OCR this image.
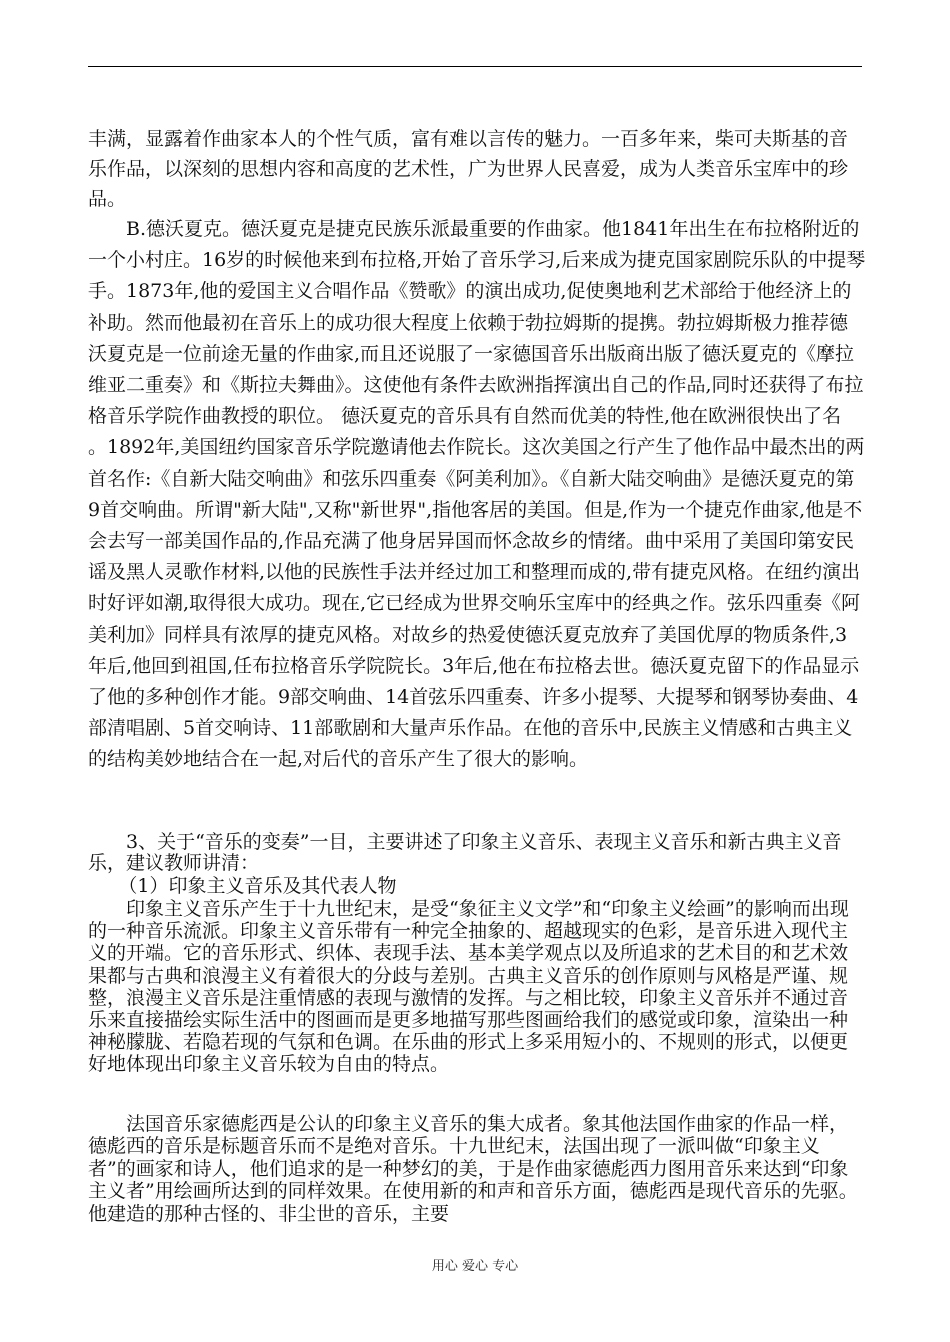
丰满，显露着作曲家本人的个性气质，富有难以言传的魅力。一百多年来，柴可夫斯基的音乐作品，以深刻的思想内容和高度的艺术性，广为世界人民喜爱，成为人类音乐宝库中的珍品。

B.德沃夏克。德沃夏克是捷克民族乐派最重要的作曲家。他1841年出生在布拉格附近的一个小村庄。16岁的时候他来到布拉格,开始了音乐学习,后来成为捷克国家剧院乐队的中提琴手。1873年,他的爱国主义合唱作品《赞歌》的演出成功,促使奥地利艺术部给于他经济上的补助。然而他最初在音乐上的成功很大程度上依赖于勃拉姆斯的提携。勃拉姆斯极力推荐德沃夏克是一位前途无量的作曲家,而且还说服了一家德国音乐出版商出版了德沃夏克的《摩拉维亚二重奏》和《斯拉夫舞曲》。这使他有条件去欧洲指挥演出自己的作品,同时还获得了布拉格音乐学院作曲教授的职位。 德沃夏克的音乐具有自然而优美的特性,他在欧洲很快出了名 。1892年,美国纽约国家音乐学院邀请他去作院长。这次美国之行产生了他作品中最杰出的两首名作:《自新大陆交响曲》和弦乐四重奏《阿美利加》。《自新大陆交响曲》是德沃夏克的第9首交响曲。所谓"新大陆",又称"新世界",指他客居的美国。但是,作为一个捷克作曲家,他是不会去写一部美国作品的,作品充满了他身居异国而怀念故乡的情绪。曲中采用了美国印第安民谣及黑人灵歌作材料,以他的民族性手法并经过加工和整理而成的,带有捷克风格。在纽约演出时好评如潮,取得很大成功。现在,它已经成为世界交响乐宝库中的经典之作。弦乐四重奏《阿美利加》同样具有浓厚的捷克风格。对故乡的热爱使德沃夏克放弃了美国优厚的物质条件,3年后,他回到祖国,任布拉格音乐学院院长。3年后,他在布拉格去世。德沃夏克留下的作品显示了他的多种创作才能。9部交响曲、14首弦乐四重奏、许多小提琴、大提琴和钢琴协奏曲、4部清唱剧、5首交响诗、11部歌剧和大量声乐作品。在他的音乐中,民族主义情感和古典主义的结构美妙地结合在一起,对后代的音乐产生了很大的影响。

3、关于“音乐的变奏”一目，主要讲述了印象主义音乐、表现主义音乐和新古典主义音乐，建议教师讲清：

（1）印象主义音乐及其代表人物

印象主义音乐产生于十九世纪末，是受“象征主义文学”和“印象主义绘画”的影响而出现的一种音乐流派。印象主义音乐带有一种完全抽象的、超越现实的色彩，是音乐进入现代主义的开端。它的音乐形式、织体、表现手法、基本美学观点以及所追求的艺术目的和艺术效果都与古典和浪漫主义有着很大的分歧与差别。古典主义音乐的创作原则与风格是严谨、规整，浪漫主义音乐是注重情感的表现与激情的发挥。与之相比较，印象主义音乐并不通过音乐来直接描绘实际生活中的图画而是更多地描写那些图画给我们的感觉或印象，渲染出一种神秘朦胧、若隐若现的气氛和色调。在乐曲的形式上多采用短小的、不规则的形式，以便更好地体现出印象主义音乐较为自由的特点。

法国音乐家德彪西是公认的印象主义音乐的集大成者。象其他法国作曲家的作品一样，德彪西的音乐是标题音乐而不是绝对音乐。十九世纪末，法国出现了一派叫做“印象主义者”的画家和诗人，他们追求的是一种梦幻的美，于是作曲家德彪西力图用音乐来达到“印象主义者”用绘画所达到的同样效果。在使用新的和声和音乐方面，德彪西是现代音乐的先驱。他建造的那种古怪的、非尘世的音乐，主要

用心 爱心 专心
